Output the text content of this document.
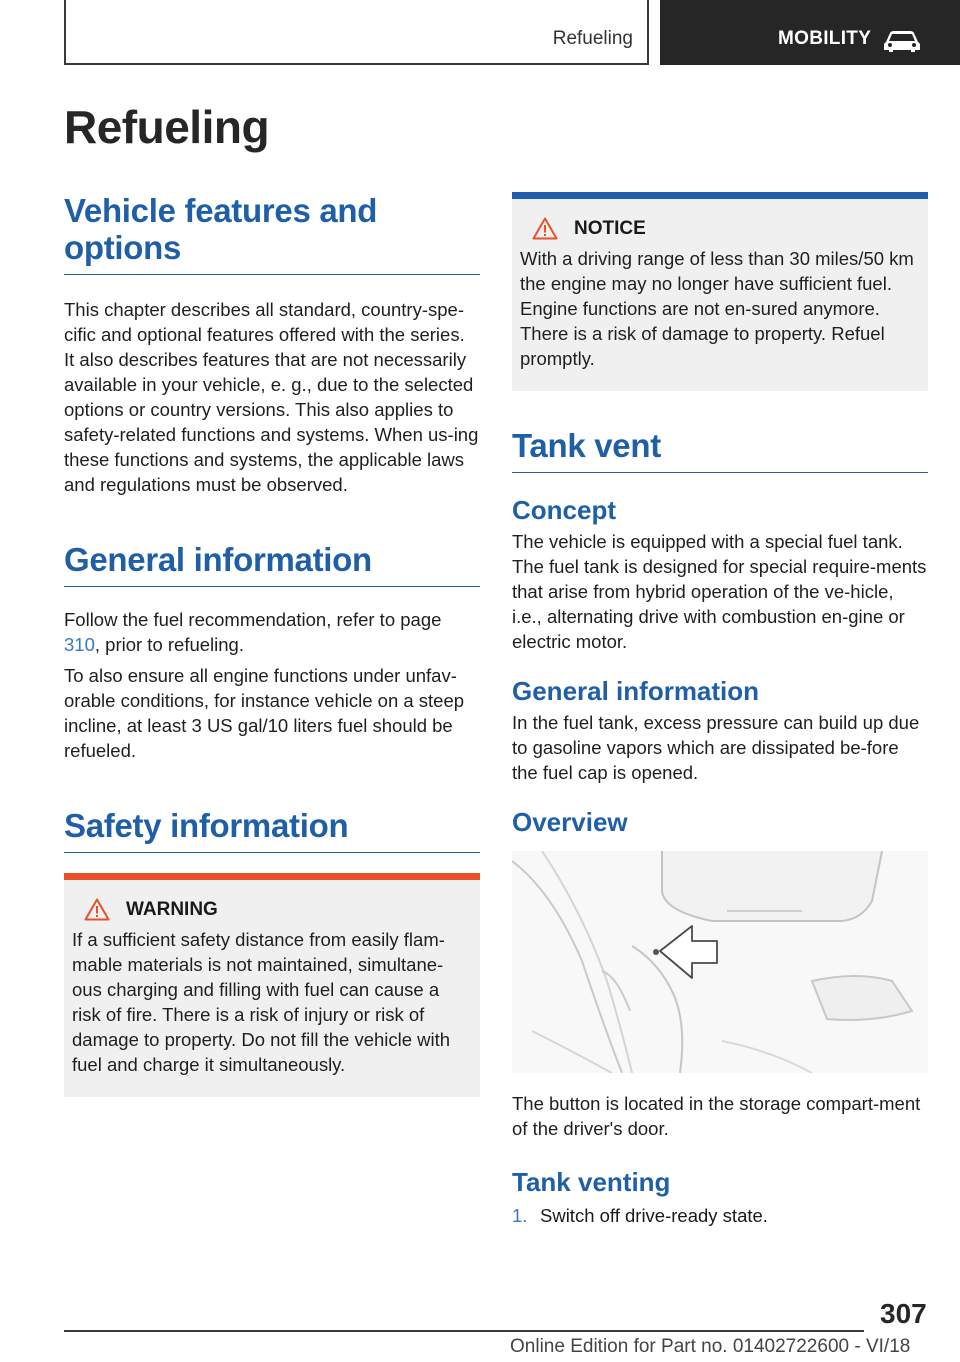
Refueling	MOBILITY
Refueling
Vehicle features and options

This chapter describes all standard, country-spe‐cific and optional features offered with the series. It also describes features that are not necessarily available in your vehicle, e. g., due to the selected options or country versions. This also applies to safety-related functions and systems. When us‐ing these functions and systems, the applicable laws and regulations must be observed.

General information

Follow the fuel recommendation, refer to page 310, prior to refueling.

To also ensure all engine functions under unfav‐orable conditions, for instance vehicle on a steep incline, at least 3 US gal/10 liters fuel should be refueled.

Safety information
WARNING

If a sufficient safety distance from easily flam‐mable materials is not maintained, simultane‐ous charging and filling with fuel can cause a risk of fire. There is a risk of injury or risk of damage to property. Do not fill the vehicle with fuel and charge it simultaneously.

NOTICE

With a driving range of less than 30 miles/50 km the engine may no longer have sufficient fuel. Engine functions are not en‐sured anymore. There is a risk of damage to property. Refuel promptly.

Tank vent
Concept

The vehicle is equipped with a special fuel tank. The fuel tank is designed for special require‐ments that arise from hybrid operation of the ve‐hicle, i.e., alternating drive with combustion en‐gine or electric motor.

General information

In the fuel tank, excess pressure can build up due to gasoline vapors which are dissipated be‐fore the fuel cap is opened.

Overview

The button is located in the storage compart‐ment of the driver's door.

Tank venting
1. Switch off drive-ready state.
307
Online Edition for Part no. 01402722600 - VI/18
